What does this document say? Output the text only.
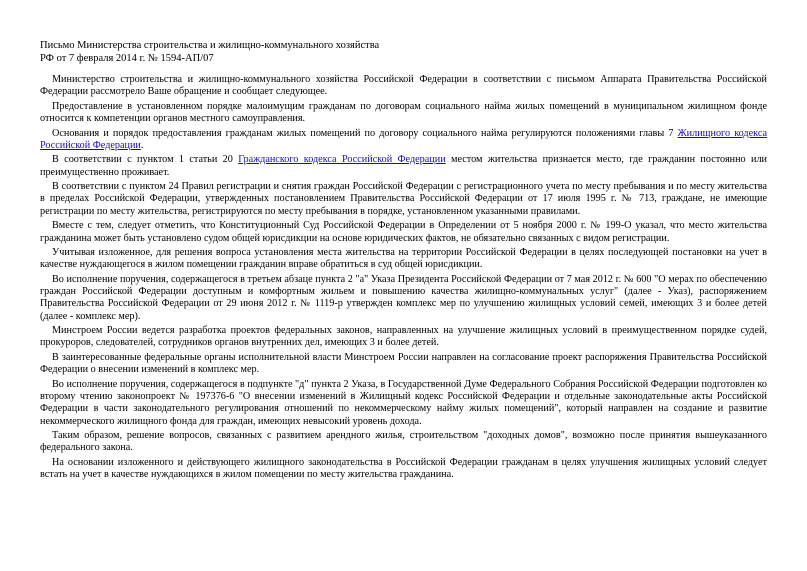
Письмо Министерства строительства и жилищно-коммунального хозяйства РФ от 7 февраля 2014 г. № 1594-АП/07

Министерство строительства и жилищно-коммунального хозяйства Российской Федерации в соответствии с письмом Аппарата Правительства Российской Федерации рассмотрело Ваше обращение и сообщает следующее.

Предоставление в установленном порядке малоимущим гражданам по договорам социального найма жилых помещений в муниципальном жилищном фонде относится к компетенции органов местного самоуправления.

Основания и порядок предоставления гражданам жилых помещений по договору социального найма регулируются положениями главы 7 Жилищного кодекса Российской Федерации.

В соответствии с пунктом 1 статьи 20 Гражданского кодекса Российской Федерации местом жительства признается место, где гражданин постоянно или преимущественно проживает.

В соответствии с пунктом 24 Правил регистрации и снятия граждан Российской Федерации с регистрационного учета по месту пребывания и по месту жительства в пределах Российской Федерации, утвержденных постановлением Правительства Российской Федерации от 17 июля 1995 г. № 713, граждане, не имеющие регистрации по месту жительства, регистрируются по месту пребывания в порядке, установленном указанными правилами.

Вместе с тем, следует отметить, что Конституционный Суд Российской Федерации в Определении от 5 ноября 2000 г. № 199-О указал, что место жительства гражданина может быть установлено судом общей юрисдикции на основе юридических фактов, не обязательно связанных с видом регистрации.

Учитывая изложенное, для решения вопроса установления места жительства на территории Российской Федерации в целях последующей постановки на учет в качестве нуждающегося в жилом помещении гражданин вправе обратиться в суд общей юрисдикции.

Во исполнение поручения, содержащегося в третьем абзаце пункта 2 "а" Указа Президента Российской Федерации от 7 мая 2012 г. № 600 "О мерах по обеспечению граждан Российской Федерации доступным и комфортным жильем и повышению качества жилищно-коммунальных услуг" (далее - Указ), распоряжением Правительства Российской Федерации от 29 июня 2012 г. № 1119-р утвержден комплекс мер по улучшению жилищных условий семей, имеющих 3 и более детей (далее - комплекс мер).

Минстроем России ведется разработка проектов федеральных законов, направленных на улучшение жилищных условий в преимущественном порядке судей, прокуроров, следователей, сотрудников органов внутренних дел, имеющих 3 и более детей.

В заинтересованные федеральные органы исполнительной власти Минстроем России направлен на согласование проект распоряжения Правительства Российской Федерации о внесении изменений в комплекс мер.

Во исполнение поручения, содержащегося в подпункте "д" пункта 2 Указа, в Государственной Думе Федерального Собрания Российской Федерации подготовлен ко второму чтению законопроект № 197376-6 "О внесении изменений в Жилищный кодекс Российской Федерации и отдельные законодательные акты Российской Федерации в части законодательного регулирования отношений по некоммерческому найму жилых помещений", который направлен на создание и развитие некоммерческого жилищного фонда для граждан, имеющих невысокий уровень дохода.

Таким образом, решение вопросов, связанных с развитием арендного жилья, строительством "доходных домов", возможно после принятия вышеуказанного федерального закона.

На основании изложенного и действующего жилищного законодательства в Российской Федерации гражданам в целях улучшения жилищных условий следует встать на учет в качестве нуждающихся в жилом помещении по месту жительства гражданина.
